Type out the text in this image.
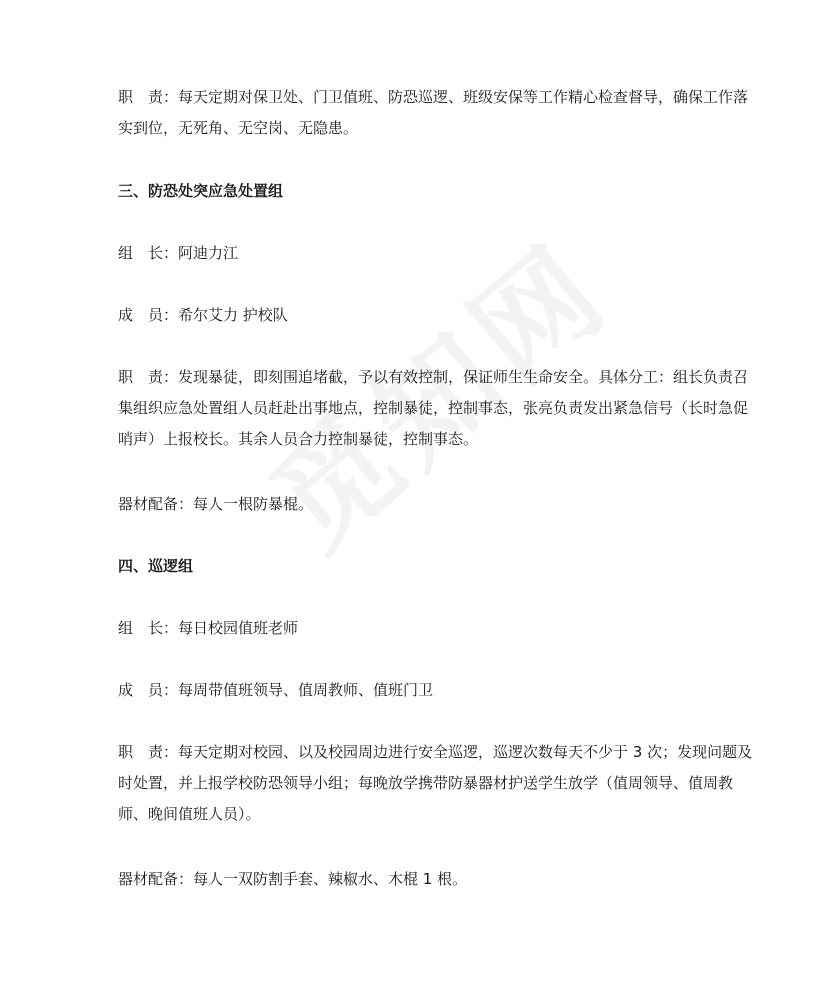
职　责：每天定期对保卫处、门卫值班、防恐巡逻、班级安保等工作精心检查督导，确保工作落实到位，无死角、无空岗、无隐患。

三、防恐处突应急处置组

组　长：阿迪力江

成　员：希尔艾力 护校队

职　责：发现暴徒，即刻围追堵截，予以有效控制，保证师生生命安全。具体分工：组长负责召集组织应急处置组人员赶赴出事地点，控制暴徒，控制事态，张亮负责发出紧急信号（长时急促哨声）上报校长。其余人员合力控制暴徒，控制事态。

器材配备：每人一根防暴棍。

四、巡逻组

组　长：每日校园值班老师

成　员：每周带值班领导、值周教师、值班门卫

职　责：每天定期对校园、以及校园周边进行安全巡逻，巡逻次数每天不少于 3 次；发现问题及时处置，并上报学校防恐领导小组；每晚放学携带防暴器材护送学生放学（值周领导、值周教师、晚间值班人员）。

器材配备：每人一双防割手套、辣椒水、木棍 1 根。
